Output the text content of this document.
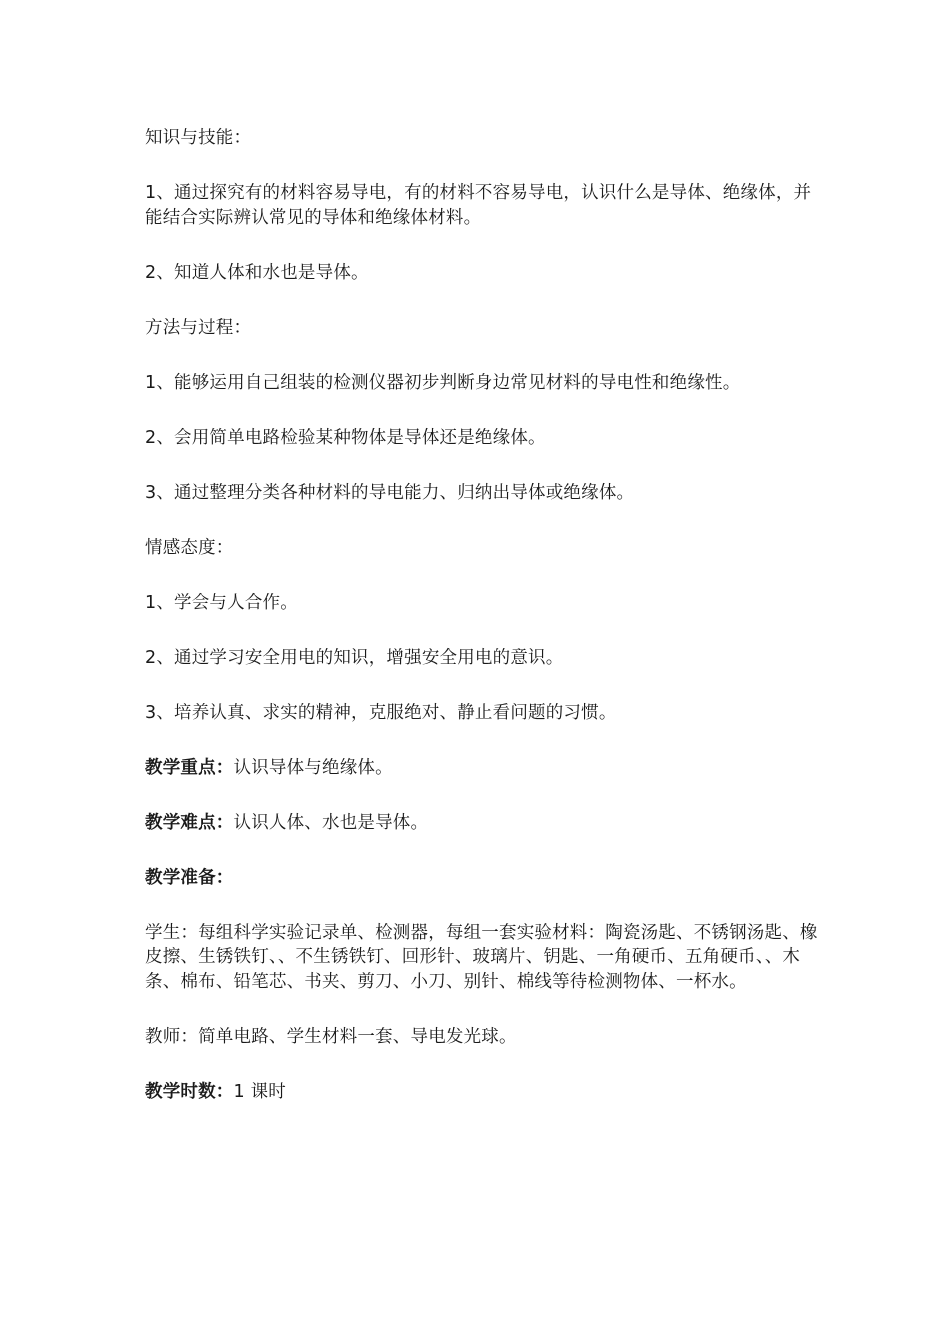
知识与技能：

1、通过探究有的材料容易导电，有的材料不容易导电，认识什么是导体、绝缘体，并能结合实际辨认常见的导体和绝缘体材料。

2、知道人体和水也是导体。

方法与过程：

1、能够运用自己组装的检测仪器初步判断身边常见材料的导电性和绝缘性。

2、会用简单电路检验某种物体是导体还是绝缘体。

3、通过整理分类各种材料的导电能力、归纳出导体或绝缘体。

情感态度：

1、学会与人合作。

2、通过学习安全用电的知识，增强安全用电的意识。

3、培养认真、求实的精神，克服绝对、静止看问题的习惯。

教学重点：认识导体与绝缘体。

教学难点：认识人体、水也是导体。

教学准备：

学生：每组科学实验记录单、检测器，每组一套实验材料：陶瓷汤匙、不锈钢汤匙、橡皮擦、生锈铁钉、、不生锈铁钉、回形针、玻璃片、钥匙、一角硬币、五角硬币、、木条、棉布、铅笔芯、书夹、剪刀、小刀、别针、棉线等待检测物体、一杯水。

教师：简单电路、学生材料一套、导电发光球。

教学时数：1 课时
